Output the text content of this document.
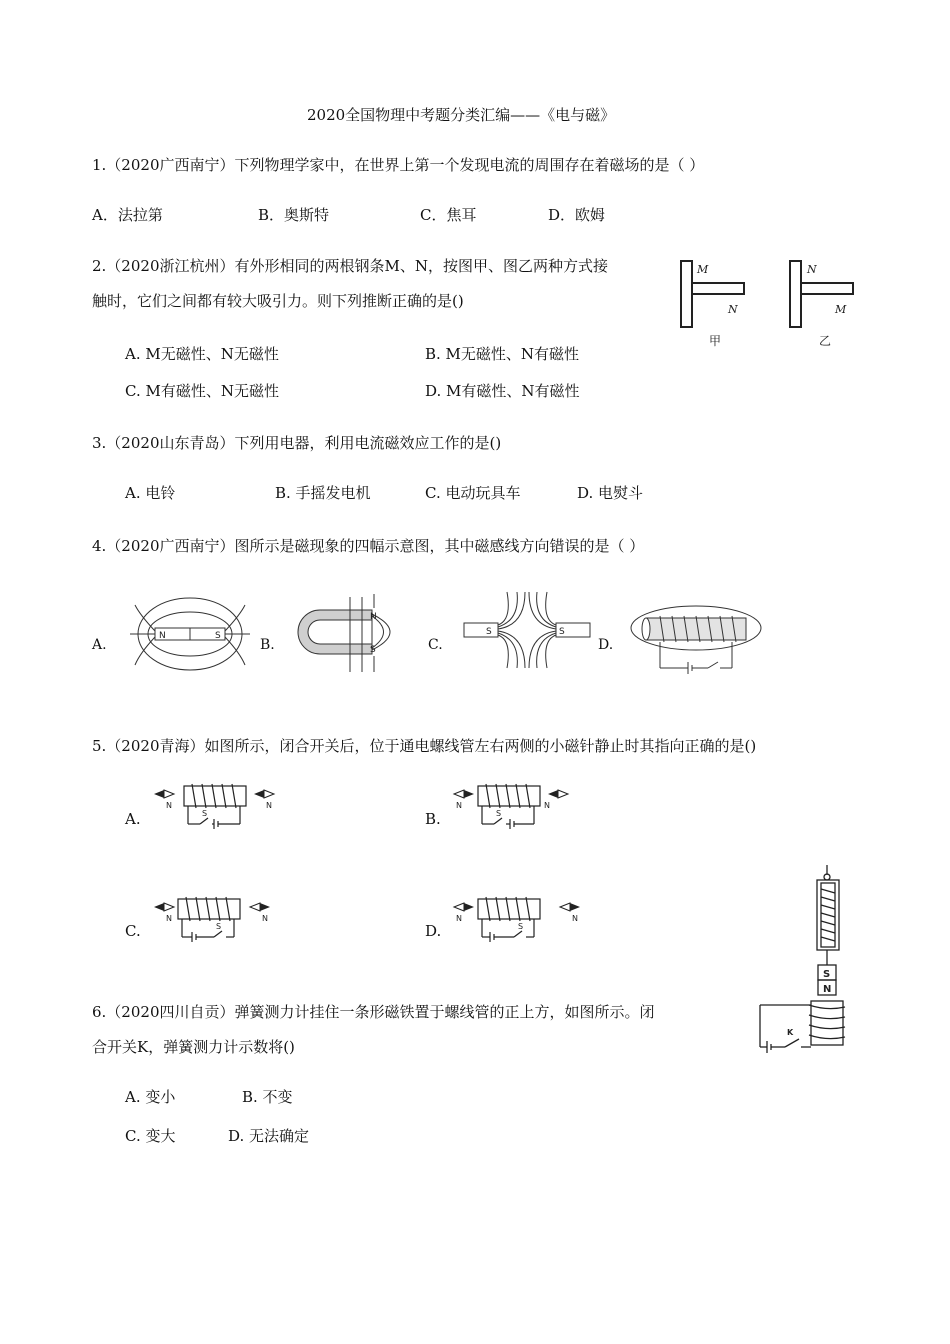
2020全国物理中考题分类汇编——《电与磁》
1.（2020广西南宁）下列物理学家中，在世界上第一个发现电流的周围存在着磁场的是（ ）
A．法拉第	B．奥斯特	C．焦耳	D．欧姆
2.（2020浙江杭州）有外形相同的两根钢条M、N，按图甲、图乙两种方式接
触时，它们之间都有较大吸引力。则下列推断正确的是()
A. M无磁性、N无磁性	B. M无磁性、N有磁性
C. M有磁性、N无磁性	D. M有磁性、N有磁性
M
N
N
M
甲	乙
3.（2020山东青岛）下列用电器，利用电流磁效应工作的是()
A. 电铃	B. 手摇发电机	C. 电动玩具车	D. 电熨斗
4.（2020广西南宁）图所示是磁现象的四幅示意图，其中磁感线方向错误的是（ ）
A.	B.	C.	D.
N	S
N
S
S	S
5.（2020青海）如图所示，闭合开关后，位于通电螺线管左右两侧的小磁针静止时其指向正确的是()
A.	B.
C.	D.
N	N
S
N	N
S
N	N
S
N	N
S
6.（2020四川自贡）弹簧测力计挂住一条形磁铁置于螺线管的正上方，如图所示。闭
合开关K，弹簧测力计示数将()
A. 变小	B. 不变
C. 变大	D. 无法确定
S
N
K
